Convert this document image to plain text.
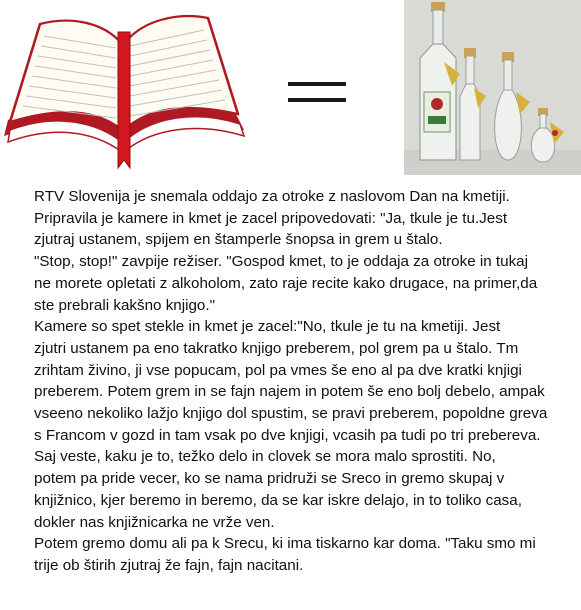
RTV Slovenija je snemala oddajo za otroke z naslovom Dan na kmetiji.
Pripravila je kamere in kmet je zacel pripovedovati: "Ja, tkule je tu.Jest
zjutraj ustanem, spijem en štamperle šnopsa in grem u štalo.
"Stop, stop!" zavpije režiser. "Gospod kmet, to je oddaja za otroke in tukaj
ne morete opletati z alkoholom, zato raje recite kako drugace, na primer,da
ste prebrali kakšno knjigo."
Kamere so spet stekle in kmet je zacel:"No, tkule je tu na kmetiji. Jest
zjutri ustanem pa eno takratko knjigo preberem, pol grem pa u štalo. Tm
zrihtam živino, ji vse popucam, pol pa vmes še eno al pa dve kratki knjigi
preberem. Potem grem in se fajn najem in potem še eno bolj debelo, ampak
vseeno nekoliko lažjo knjigo dol spustim, se pravi preberem, popoldne greva
s Francom v gozd in tam vsak po dve knjigi, vcasih pa tudi po tri prebereva.
Saj veste, kaku je to, težko delo in clovek se mora malo sprostiti. No,
potem pa pride vecer, ko se nama pridruži se Sreco in gremo skupaj v
knjižnico, kjer beremo in beremo, da se kar iskre delajo, in to toliko casa,
dokler nas knjižnicarka ne vrže ven.
Potem gremo domu ali pa k Srecu, ki ima tiskarno kar doma. "Taku smo mi
trije ob štirih zjutraj že fajn, fajn nacitani.
